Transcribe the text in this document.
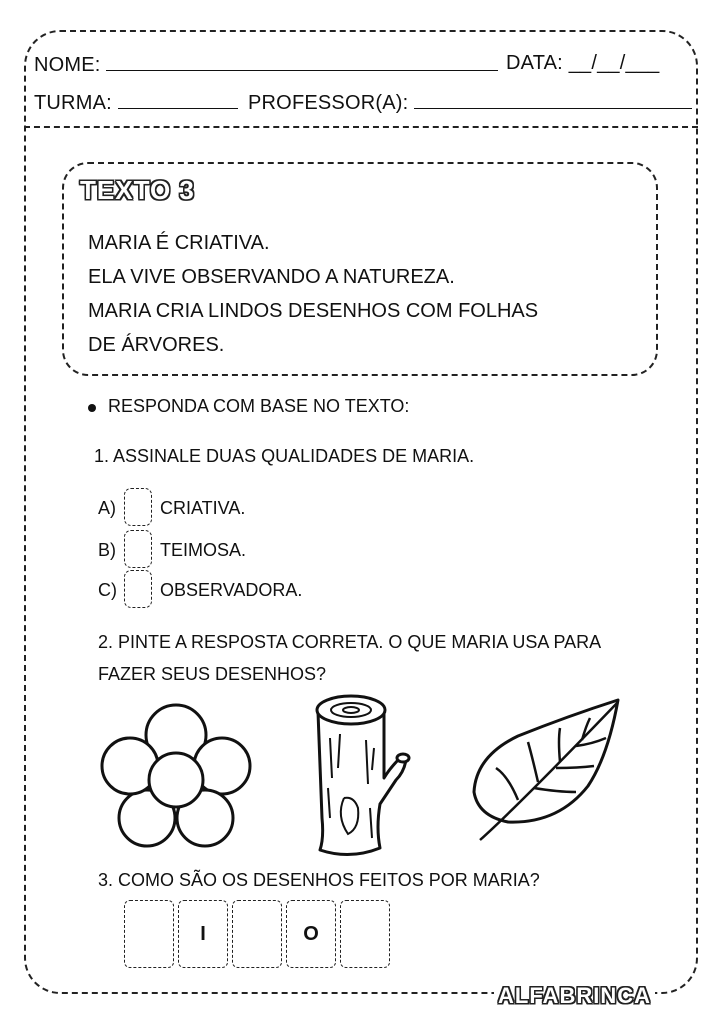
NOME:	DATA: __/__/___
TURMA:	PROFESSOR(A):
TEXTO 3
MARIA É CRIATIVA.
ELA VIVE OBSERVANDO A NATUREZA.
MARIA CRIA LINDOS DESENHOS COM FOLHAS
DE ÁRVORES.
RESPONDA COM BASE NO TEXTO:
1. ASSINALE DUAS QUALIDADES DE MARIA.
A) CRIATIVA.
B) TEIMOSA.
C) OBSERVADORA.
2. PINTE A RESPOSTA CORRETA. O QUE MARIA USA PARA
FAZER SEUS DESENHOS?
3. COMO SÃO OS DESENHOS FEITOS POR MARIA?
I	O
ALFABRINCA
